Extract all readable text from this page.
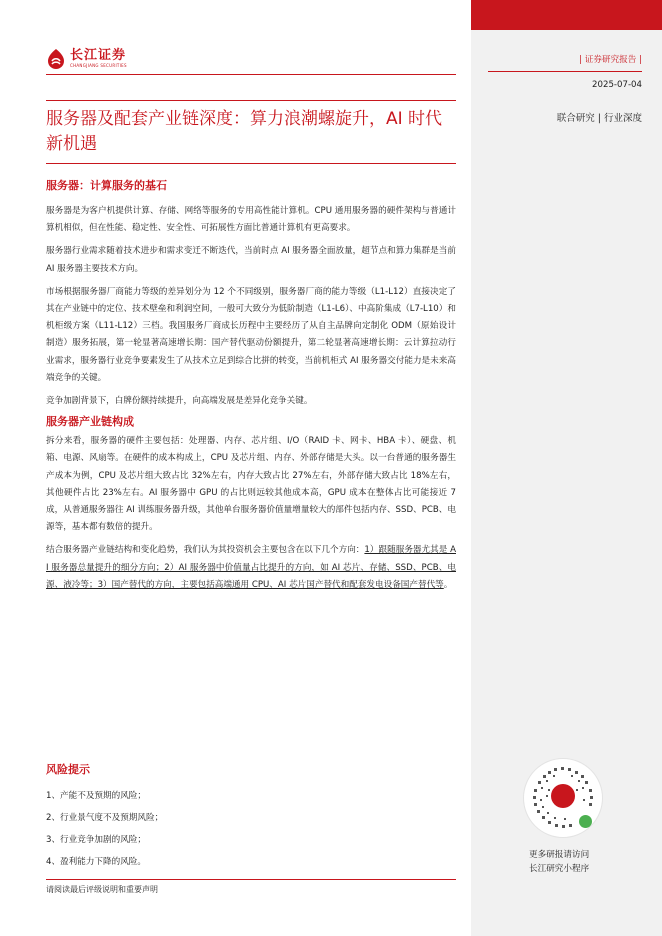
长江证券
CHANGJIANG SECURITIES
服务器及配套产业链深度：算力浪潮螺旋升，AI 时代新机遇
服务器：计算服务的基石

服务器是为客户机提供计算、存储、网络等服务的专用高性能计算机。CPU 通用服务器的硬件架构与普通计算机相似，但在性能、稳定性、安全性、可拓展性方面比普通计算机有更高要求。

服务器行业需求随着技术进步和需求变迁不断迭代，当前时点 AI 服务器全面放量，超节点和算力集群是当前 AI 服务器主要技术方向。

市场根据服务器厂商能力等级的差异划分为 12 个不同级别，服务器厂商的能力等级（L1-L12）直接决定了其在产业链中的定位、技术壁垒和利润空间，一般可大致分为低阶制造（L1-L6）、中高阶集成（L7-L10）和机柜级方案（L11-L12）三档。我国服务厂商成长历程中主要经历了从自主品牌向定制化 ODM（原始设计制造）服务拓展，第一轮显著高速增长期：国产替代驱动份额提升，第二轮显著高速增长期：云计算拉动行业需求，服务器行业竞争要素发生了从技术立足到综合比拼的转变，当前机柜式 AI 服务器交付能力是未来高端竞争的关键。

竞争加剧背景下，白牌份额持续提升，向高端发展是差异化竞争关键。

服务器产业链构成

拆分来看，服务器的硬件主要包括：处理器、内存、芯片组、I/O（RAID 卡、网卡、HBA 卡）、硬盘、机箱、电源、风扇等。在硬件的成本构成上，CPU 及芯片组、内存、外部存储是大头。以一台普通的服务器生产成本为例，CPU 及芯片组大致占比 32%左右，内存大致占比 27%左右，外部存储大致占比 18%左右，其他硬件占比 23%左右。AI 服务器中 GPU 的占比则远较其他成本高，GPU 成本在整体占比可能接近 7 成，从普通服务器往 AI 训练服务器升级，其他单台服务器价值量增量较大的部件包括内存、SSD、PCB、电源等，基本都有数倍的提升。

结合服务器产业链结构和变化趋势，我们认为其投资机会主要包含在以下几个方向：1）跟随服务器尤其是 AI 服务器总量提升的细分方向；2）AI 服务器中价值量占比提升的方向，如 AI 芯片、存储、SSD、PCB、电源、液冷等；3）国产替代的方向，主要包括高端通用 CPU、AI 芯片国产替代和配套发电设备国产替代等。

风险提示

1、产能不及预期的风险；

2、行业景气度不及预期风险；

3、行业竞争加剧的风险；

4、盈利能力下降的风险。

请阅读最后评级说明和重要声明
| 证券研究报告 |
2025-07-04
联合研究 | 行业深度
更多研报请访问
长江研究小程序
